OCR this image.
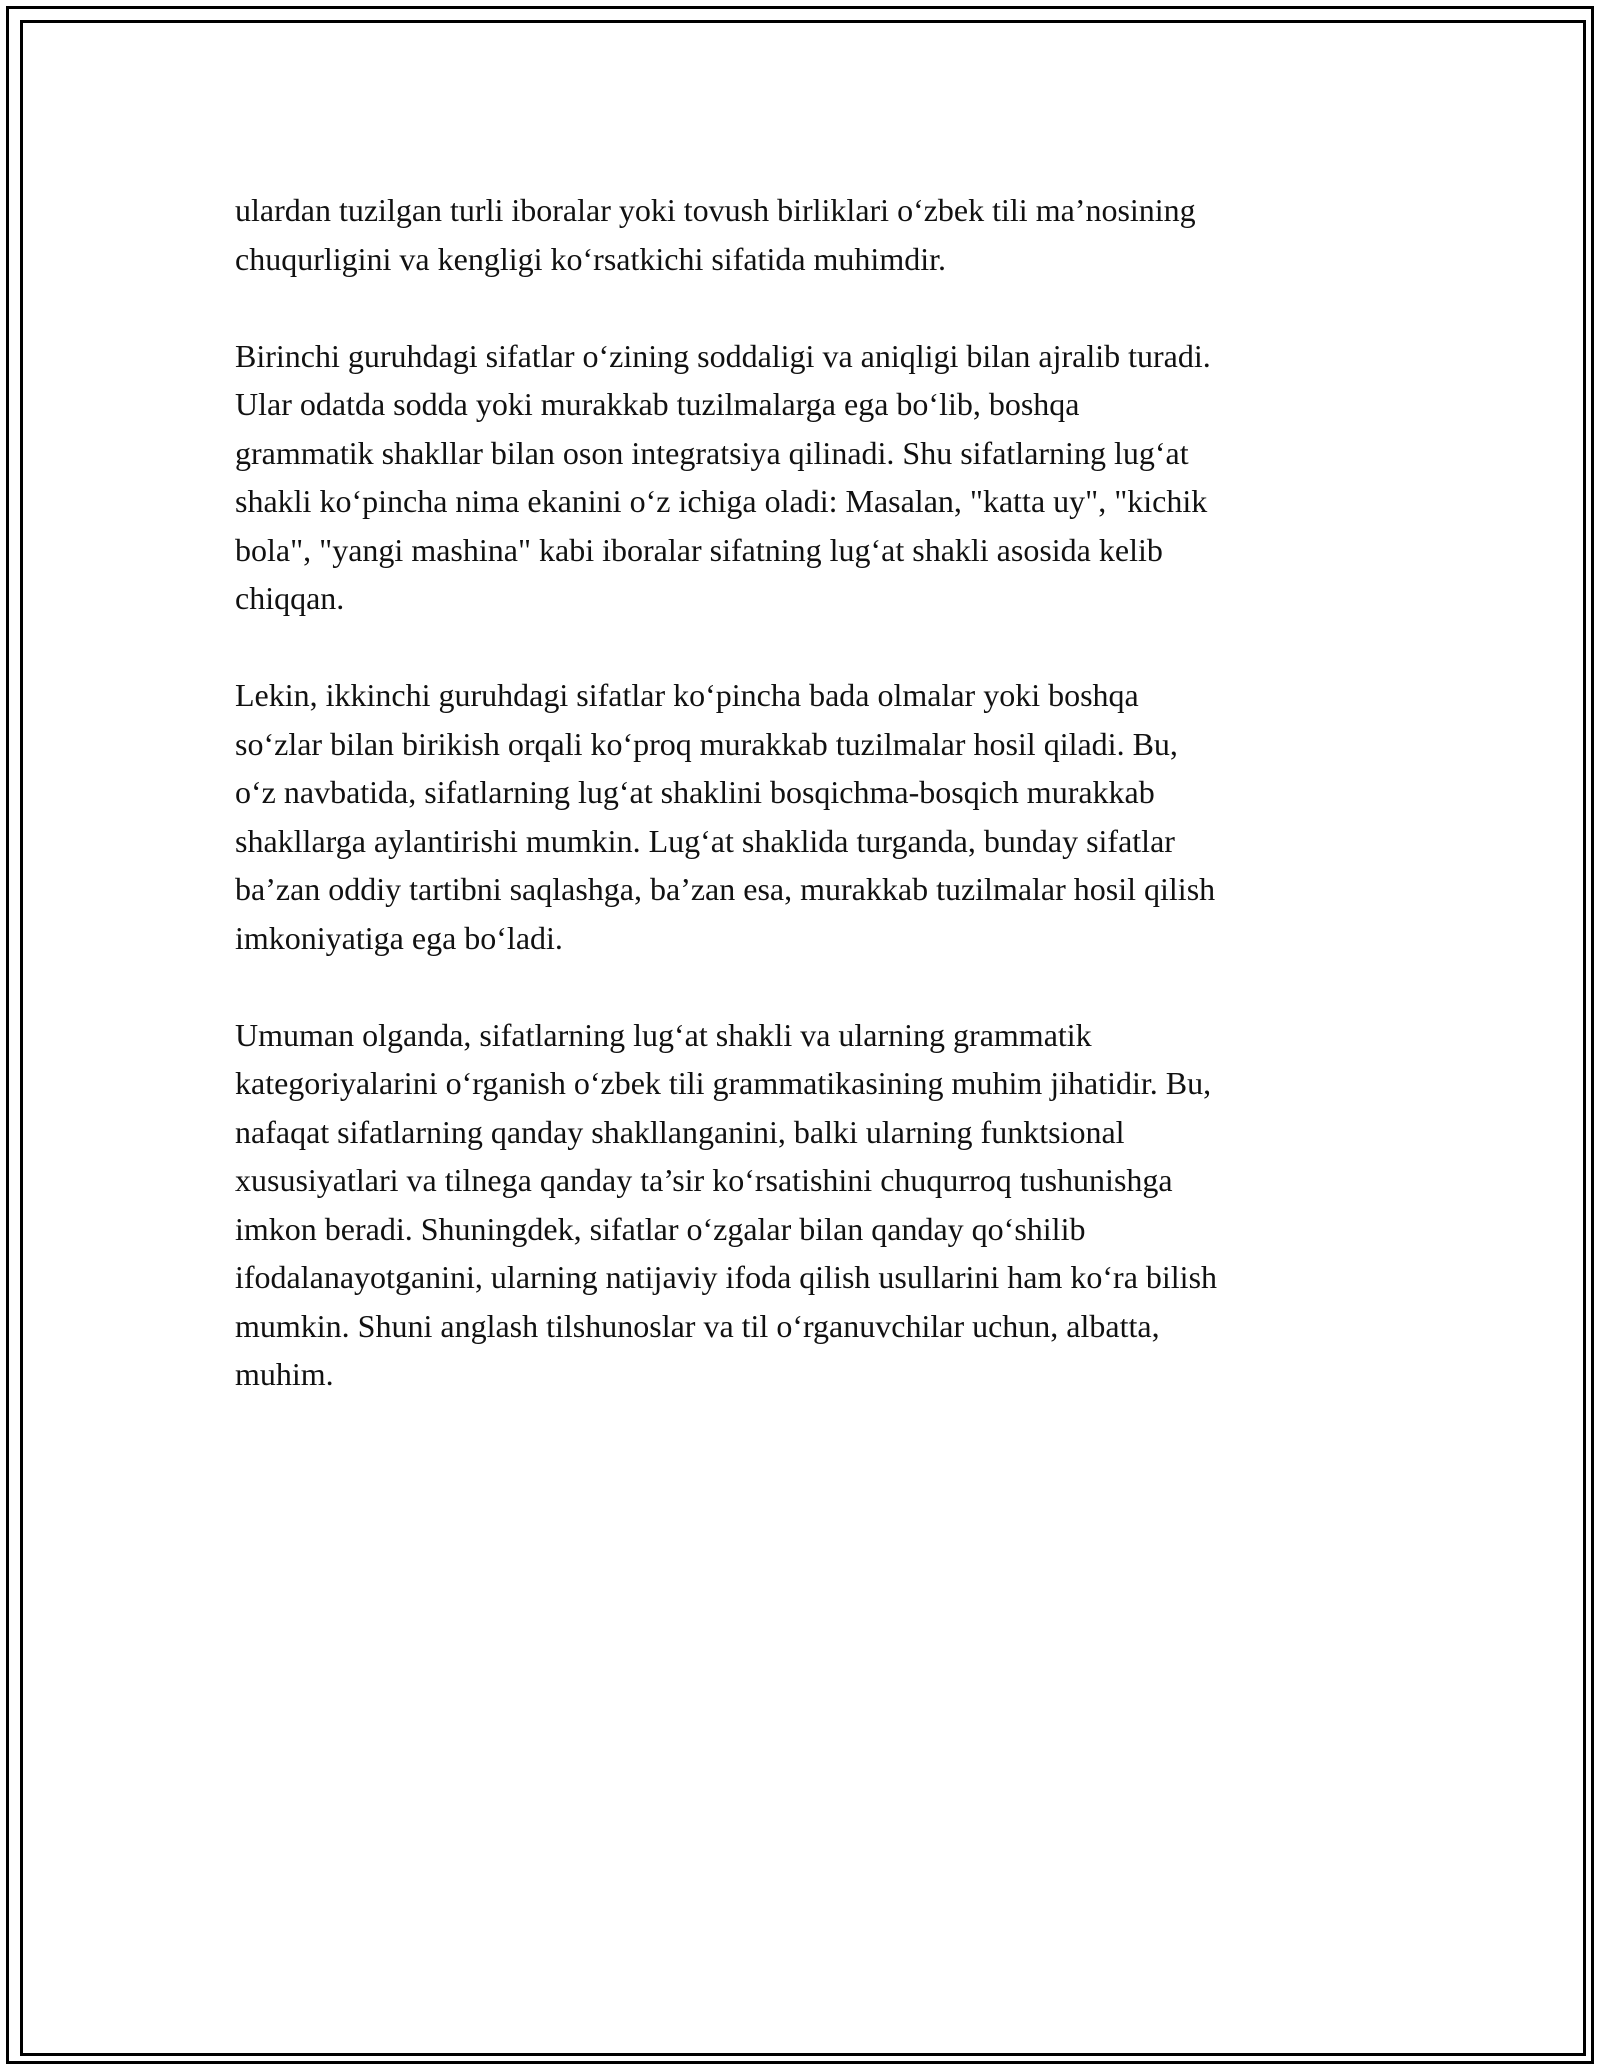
ulardan tuzilgan turli iboralar yoki tovush birliklari o‘zbek tili ma’nosining
chuqurligini va kengligi ko‘rsatkichi sifatida muhimdir.

Birinchi guruhdagi sifatlar o‘zining soddaligi va aniqligi bilan ajralib turadi.
Ular odatda sodda yoki murakkab tuzilmalarga ega bo‘lib, boshqa
grammatik shakllar bilan oson integratsiya qilinadi. Shu sifatlarning lug‘at
shakli ko‘pincha nima ekanini o‘z ichiga oladi: Masalan, "katta uy", "kichik
bola", "yangi mashina" kabi iboralar sifatning lug‘at shakli asosida kelib
chiqqan.

Lekin, ikkinchi guruhdagi sifatlar ko‘pincha bada olmalar yoki boshqa
so‘zlar bilan birikish orqali ko‘proq murakkab tuzilmalar hosil qiladi. Bu,
o‘z navbatida, sifatlarning lug‘at shaklini bosqichma-bosqich murakkab
shakllarga aylantirishi mumkin. Lug‘at shaklida turganda, bunday sifatlar
ba’zan oddiy tartibni saqlashga, ba’zan esa, murakkab tuzilmalar hosil qilish
imkoniyatiga ega bo‘ladi.

Umuman olganda, sifatlarning lug‘at shakli va ularning grammatik
kategoriyalarini o‘rganish o‘zbek tili grammatikasining muhim jihatidir. Bu,
nafaqat sifatlarning qanday shakllanganini, balki ularning funktsional
xususiyatlari va tilnega qanday ta’sir ko‘rsatishini chuqurroq tushunishga
imkon beradi. Shuningdek, sifatlar o‘zgalar bilan qanday qo‘shilib
ifodalanayotganini, ularning natijaviy ifoda qilish usullarini ham ko‘ra bilish
mumkin. Shuni anglash tilshunoslar va til o‘rganuvchilar uchun, albatta,
muhim.
